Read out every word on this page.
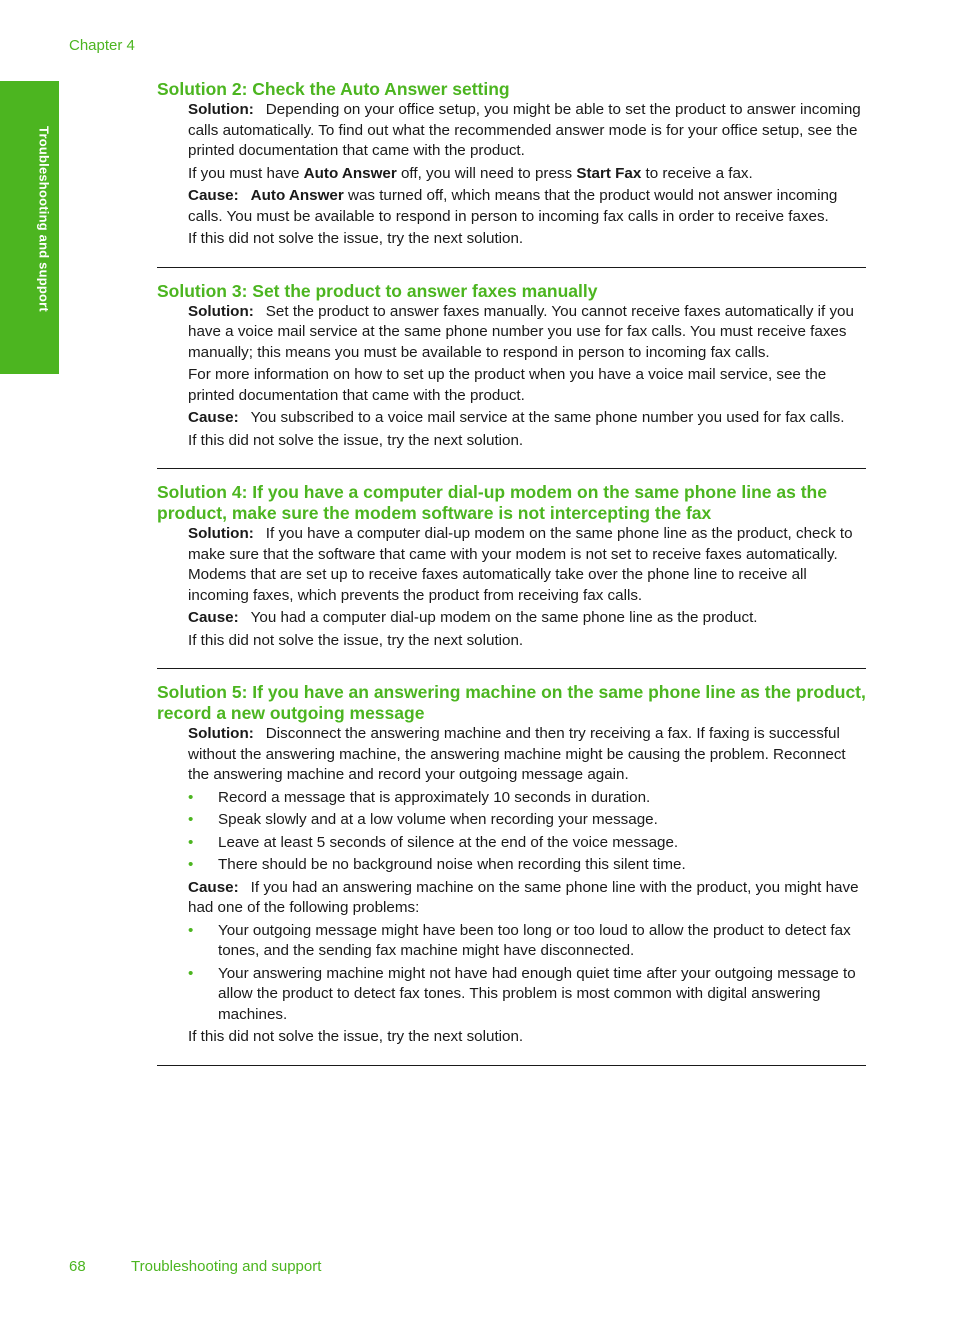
Chapter 4
Troubleshooting and support
Solution 2: Check the Auto Answer setting

Solution: Depending on your office setup, you might be able to set the product to answer incoming calls automatically. To find out what the recommended answer mode is for your office setup, see the printed documentation that came with the product.

If you must have Auto Answer off, you will need to press Start Fax to receive a fax.

Cause: Auto Answer was turned off, which means that the product would not answer incoming calls. You must be available to respond in person to incoming fax calls in order to receive faxes.

If this did not solve the issue, try the next solution.

Solution 3: Set the product to answer faxes manually

Solution: Set the product to answer faxes manually. You cannot receive faxes automatically if you have a voice mail service at the same phone number you use for fax calls. You must receive faxes manually; this means you must be available to respond in person to incoming fax calls.

For more information on how to set up the product when you have a voice mail service, see the printed documentation that came with the product.

Cause: You subscribed to a voice mail service at the same phone number you used for fax calls.

If this did not solve the issue, try the next solution.

Solution 4: If you have a computer dial-up modem on the same phone line as the product, make sure the modem software is not intercepting the fax

Solution: If you have a computer dial-up modem on the same phone line as the product, check to make sure that the software that came with your modem is not set to receive faxes automatically. Modems that are set up to receive faxes automatically take over the phone line to receive all incoming faxes, which prevents the product from receiving fax calls.

Cause: You had a computer dial-up modem on the same phone line as the product.

If this did not solve the issue, try the next solution.

Solution 5: If you have an answering machine on the same phone line as the product, record a new outgoing message

Solution: Disconnect the answering machine and then try receiving a fax. If faxing is successful without the answering machine, the answering machine might be causing the problem. Reconnect the answering machine and record your outgoing message again.

• Record a message that is approximately 10 seconds in duration.

• Speak slowly and at a low volume when recording your message.

• Leave at least 5 seconds of silence at the end of the voice message.

• There should be no background noise when recording this silent time.

Cause: If you had an answering machine on the same phone line with the product, you might have had one of the following problems:

• Your outgoing message might have been too long or too loud to allow the product to detect fax tones, and the sending fax machine might have disconnected.

• Your answering machine might not have had enough quiet time after your outgoing message to allow the product to detect fax tones. This problem is most common with digital answering machines.

If this did not solve the issue, try the next solution.

68	Troubleshooting and support
